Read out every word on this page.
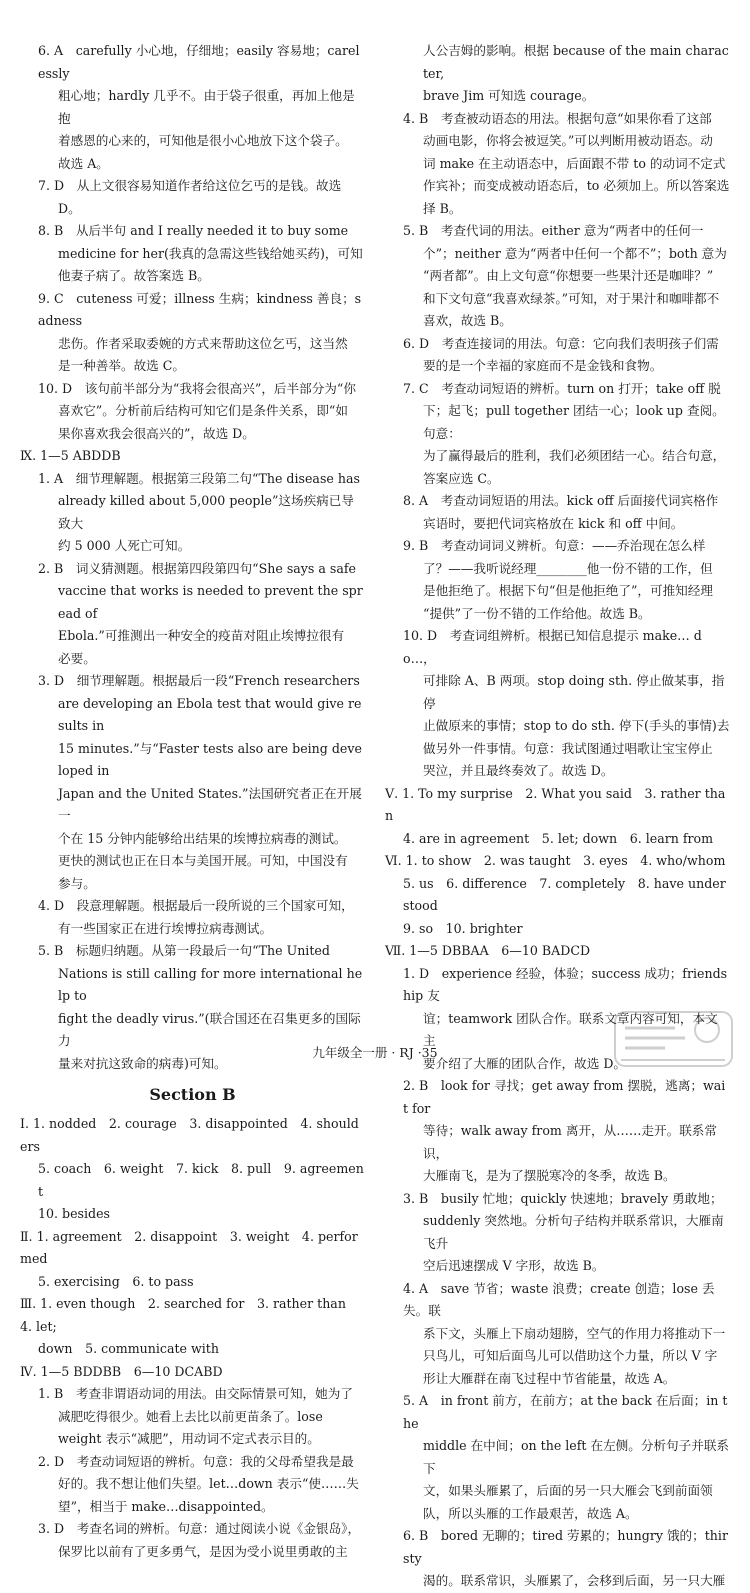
6. A　carefully 小心地，仔细地；easily 容易地；carelessly
粗心地；hardly 几乎不。由于袋子很重，再加上他是抱
着感恩的心来的，可知他是很小心地放下这个袋子。
故选 A。
7. D　从上文很容易知道作者给这位乞丐的是钱。故选
D。
8. B　从后半句 and I really needed it to buy some
medicine for her(我真的急需这些钱给她买药)，可知
他妻子病了。故答案选 B。
9. C　cuteness 可爱；illness 生病；kindness 善良；sadness
悲伤。作者采取委婉的方式来帮助这位乞丐，这当然
是一种善举。故选 C。
10. D　该句前半部分为“我将会很高兴”，后半部分为“你
喜欢它”。分析前后结构可知它们是条件关系，即“如
果你喜欢我会很高兴的”，故选 D。
Ⅸ. 1—5 ABDDB
1. A　细节理解题。根据第三段第二句“The disease has
already killed about 5,000 people”这场疾病已导致大
约 5 000 人死亡可知。
2. B　词义猜测题。根据第四段第四句“She says a safe
vaccine that works is needed to prevent the spread of
Ebola.”可推测出一种安全的疫苗对阻止埃博拉很有
必要。
3. D　细节理解题。根据最后一段“French researchers
are developing an Ebola test that would give results in
15 minutes.”与“Faster tests also are being developed in
Japan and the United States.”法国研究者正在开展一
个在 15 分钟内能够给出结果的埃博拉病毒的测试。
更快的测试也正在日本与美国开展。可知，中国没有
参与。
4. D　段意理解题。根据最后一段所说的三个国家可知，
有一些国家正在进行埃博拉病毒测试。
5. B　标题归纳题。从第一段最后一句“The United
Nations is still calling for more international help to
fight the deadly virus.”(联合国还在召集更多的国际力
量来对抗这致命的病毒)可知。
Section B
Ⅰ. 1. nodded　2. courage　3. disappointed　4. shoulders
5. coach　6. weight　7. kick　8. pull　9. agreement
10. besides
Ⅱ. 1. agreement　2. disappoint　3. weight　4. performed
5. exercising　6. to pass
Ⅲ. 1. even though　2. searched for　3. rather than　4. let;
down　5. communicate with
Ⅳ. 1—5 BDDBB　6—10 DCABD
1. B　考查非谓语动词的用法。由交际情景可知，她为了
减肥吃得很少。她看上去比以前更苗条了。lose
weight 表示“减肥”，用动词不定式表示目的。
2. D　考查动词短语的辨析。句意：我的父母希望我是最
好的。我不想让他们失望。let…down 表示“使……失
望”，相当于 make…disappointed。
3. D　考查名词的辨析。句意：通过阅读小说《金银岛》，
保罗比以前有了更多勇气，是因为受小说里勇敢的主
人公吉姆的影响。根据 because of the main character,
brave Jim 可知选 courage。
4. B　考查被动语态的用法。根据句意“如果你看了这部
动画电影，你将会被逗笑。”可以判断用被动语态。动
词 make 在主动语态中，后面跟不带 to 的动词不定式
作宾补；而变成被动语态后，to 必须加上。所以答案选
择 B。
5. B　考查代词的用法。either 意为“两者中的任何一
个”；neither 意为“两者中任何一个都不”；both 意为
“两者都”。由上文句意“你想要一些果汁还是咖啡？”
和下文句意“我喜欢绿茶。”可知，对于果汁和咖啡都不
喜欢，故选 B。
6. D　考查连接词的用法。句意：它向我们表明孩子们需
要的是一个幸福的家庭而不是金钱和食物。
7. C　考查动词短语的辨析。turn on 打开；take off 脱
下；起飞；pull together 团结一心；look up 查阅。句意：
为了赢得最后的胜利，我们必须团结一心。结合句意，
答案应选 C。
8. A　考查动词短语的用法。kick off 后面接代词宾格作
宾语时，要把代词宾格放在 kick 和 off 中间。
9. B　考查动词词义辨析。句意：——乔治现在怎么样
了？——我听说经理________他一份不错的工作，但
是他拒绝了。根据下句“但是他拒绝了”，可推知经理
“提供”了一份不错的工作给他。故选 B。
10. D　考查词组辨析。根据已知信息提示 make… do…，
可排除 A、B 两项。stop doing sth. 停止做某事，指停
止做原来的事情；stop to do sth. 停下(手头的事情)去
做另外一件事情。句意：我试图通过唱歌让宝宝停止
哭泣，并且最终奏效了。故选 D。
Ⅴ. 1. To my surprise　2. What you said　3. rather than
4. are in agreement　5. let; down　6. learn from
Ⅵ. 1. to show　2. was taught　3. eyes　4. who/whom
5. us　6. difference　7. completely　8. have understood
9. so　10. brighter
Ⅶ. 1—5 DBBAA　6—10 BADCD
1. D　experience 经验，体验；success 成功；friendship 友
谊；teamwork 团队合作。联系文章内容可知，本文主
要介绍了大雁的团队合作，故选 D。
2. B　look for 寻找；get away from 摆脱，逃离；wait for
等待；walk away from 离开，从……走开。联系常识，
大雁南飞，是为了摆脱寒冷的冬季，故选 B。
3. B　busily 忙地；quickly 快速地；bravely 勇敢地；
suddenly 突然地。分析句子结构并联系常识，大雁南飞升
空后迅速摆成 V 字形，故选 B。
4. A　save 节省；waste 浪费；create 创造；lose 丢失。联
系下文，头雁上下扇动翅膀，空气的作用力将推动下一
只鸟儿，可知后面鸟儿可以借助这个力量，所以 V 字
形让大雁群在南飞过程中节省能量，故选 A。
5. A　in front 前方，在前方；at the back 在后面；in the
middle 在中间；on the left 在左侧。分析句子并联系下
文，如果头雁累了，后面的另一只大雁会飞到前面领
队，所以头雁的工作最艰苦，故选 A。
6. B　bored 无聊的；tired 劳累的；hungry 饿的；thirsty
渴的。联系常识，头雁累了，会移到后面，另一只大雁
九年级全一册 · RJ ·35
